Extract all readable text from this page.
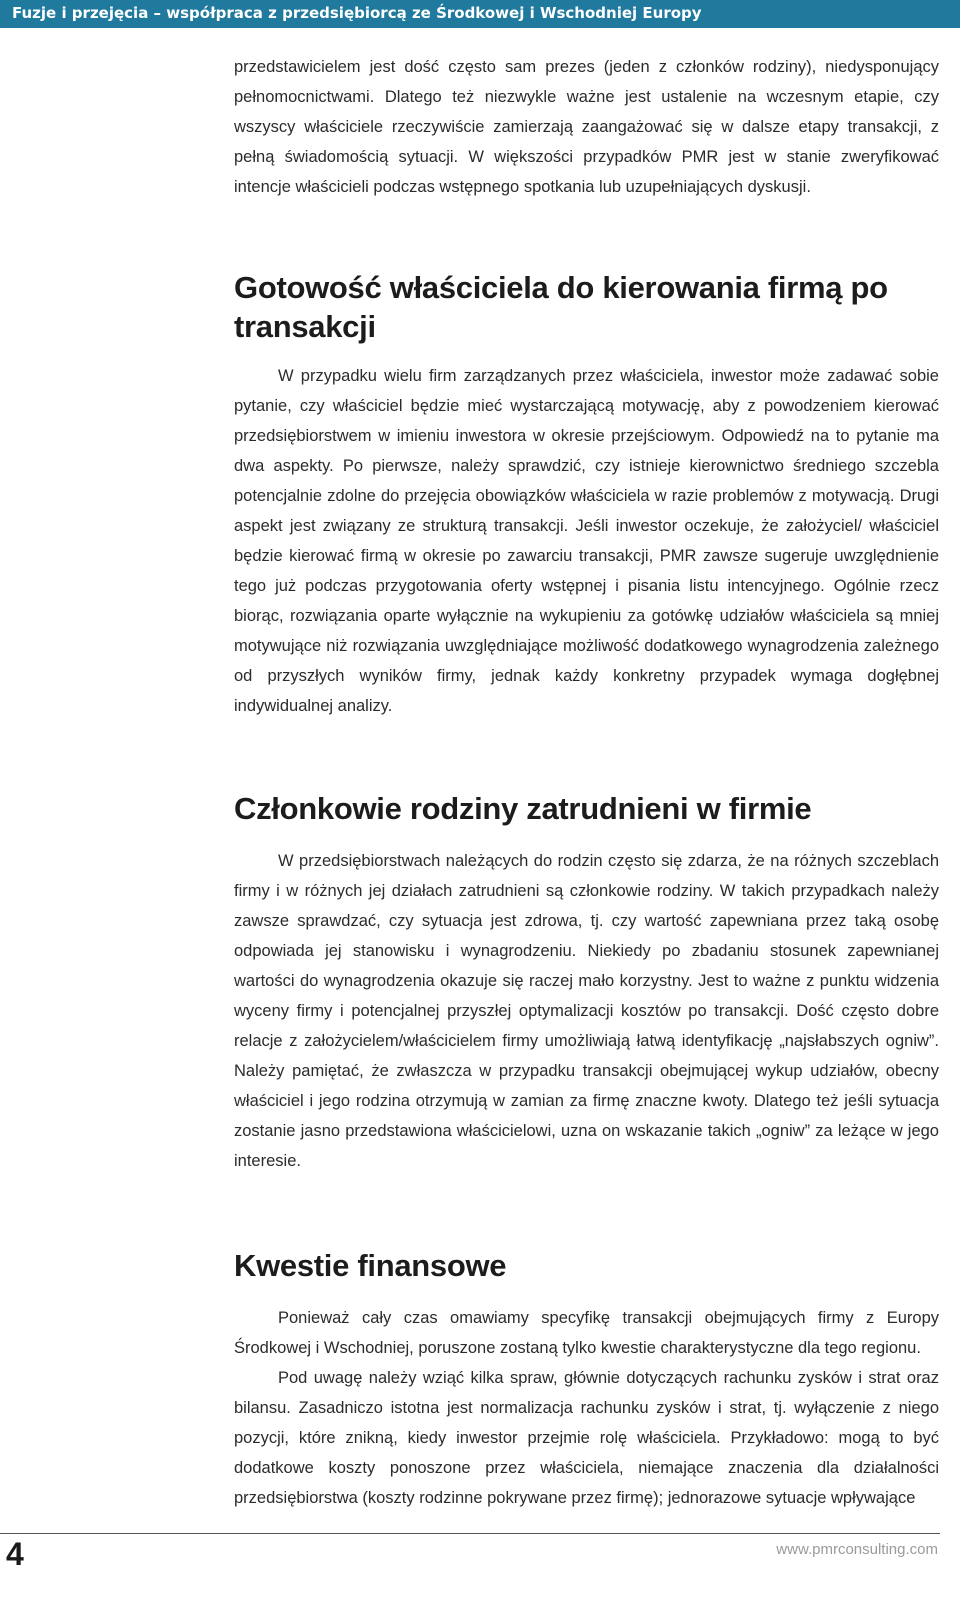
Fuzje i przejęcia – współpraca z przedsiębiorcą ze Środkowej i Wschodniej Europy

przedstawicielem jest dość często sam prezes (jeden z członków rodziny), niedysponujący pełnomocnictwami. Dlatego też niezwykle ważne jest ustalenie na wczesnym etapie, czy wszyscy właściciele rzeczywiście zamierzają zaangażować się w dalsze etapy transakcji, z pełną świadomością sytuacji. W większości przypadków PMR jest w stanie zweryfikować intencje właścicieli podczas wstępnego spotkania lub uzupełniających dyskusji.

Gotowość właściciela do kierowania firmą po transakcji

W przypadku wielu firm zarządzanych przez właściciela, inwestor może zadawać sobie pytanie, czy właściciel będzie mieć wystarczającą motywację, aby z powodzeniem kierować przedsiębiorstwem w imieniu inwestora w okresie przejściowym. Odpowiedź na to pytanie ma dwa aspekty. Po pierwsze, należy sprawdzić, czy istnieje kierownictwo średniego szczebla potencjalnie zdolne do przejęcia obowiązków właściciela w razie problemów z motywacją. Drugi aspekt jest związany ze strukturą transakcji. Jeśli inwestor oczekuje, że założyciel/ właściciel będzie kierować firmą w okresie po zawarciu transakcji, PMR zawsze sugeruje uwzględnienie tego już podczas przygotowania oferty wstępnej i pisania listu intencyjnego. Ogólnie rzecz biorąc, rozwiązania oparte wyłącznie na wykupieniu za gotówkę udziałów właściciela są mniej motywujące niż rozwiązania uwzględniające możliwość dodatkowego wynagrodzenia zależnego od przyszłych wyników firmy, jednak każdy konkretny przypadek wymaga dogłębnej indywidualnej analizy.

Członkowie rodziny zatrudnieni w firmie

W przedsiębiorstwach należących do rodzin często się zdarza, że na różnych szczeblach firmy i w różnych jej działach zatrudnieni są członkowie rodziny. W takich przypadkach należy zawsze sprawdzać, czy sytuacja jest zdrowa, tj. czy wartość zapewniana przez taką osobę odpowiada jej stanowisku i wynagrodzeniu. Niekiedy po zbadaniu stosunek zapewnianej wartości do wynagrodzenia okazuje się raczej mało korzystny. Jest to ważne z punktu widzenia wyceny firmy i potencjalnej przyszłej optymalizacji kosztów po transakcji. Dość często dobre relacje z założycielem/właścicielem firmy umożliwiają łatwą identyfikację „najsłabszych ogniw”. Należy pamiętać, że zwłaszcza w przypadku transakcji obejmującej wykup udziałów, obecny właściciel i jego rodzina otrzymują w zamian za firmę znaczne kwoty. Dlatego też jeśli sytuacja zostanie jasno przedstawiona właścicielowi, uzna on wskazanie takich „ogniw” za leżące w jego interesie.

Kwestie finansowe

Ponieważ cały czas omawiamy specyfikę transakcji obejmujących firmy z Europy Środkowej i Wschodniej, poruszone zostaną tylko kwestie charakterystyczne dla tego regionu.

Pod uwagę należy wziąć kilka spraw, głównie dotyczących rachunku zysków i strat oraz bilansu. Zasadniczo istotna jest normalizacja rachunku zysków i strat, tj. wyłączenie z niego pozycji, które znikną, kiedy inwestor przejmie rolę właściciela. Przykładowo: mogą to być dodatkowe koszty ponoszone przez właściciela, niemające znaczenia dla działalności przedsiębiorstwa (koszty rodzinne pokrywane przez firmę); jednorazowe sytuacje wpływające

4	www.pmrconsulting.com
